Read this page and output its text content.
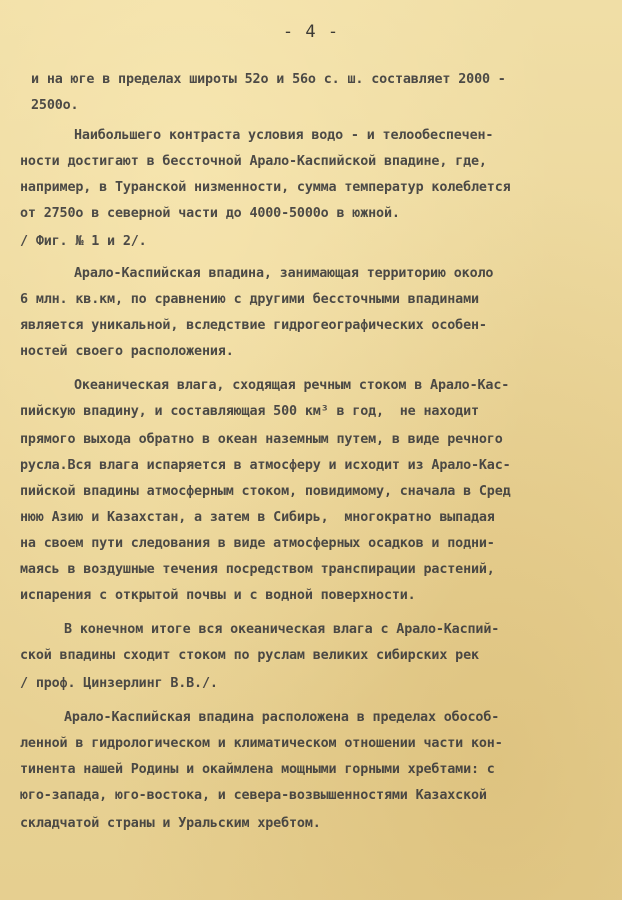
- 4 -
и на юге в пределах широты 52о и 56о с. ш. составляет 2000 -
2500о.
Наибольшего контраста условия водо - и телообеспечен-
ности достигают в бессточной Арало-Каспийской впадине, где,
например, в Туранской низменности, сумма температур колеблется
от 2750о в северной части до 4000-5000о в южной.
/ Фиг. № 1 и 2/.
Арало-Каспийская впадина, занимающая территорию около
6 млн. кв.км, по сравнению с другими бессточными впадинами
является уникальной, вследствие гидрогеографических особен-
ностей своего расположения.
Океаническая влага, сходящая речным стоком в Арало-Кас-
пийскую впадину, и составляющая 500 км³ в год,  не находит
прямого выхода обратно в океан наземным путем, в виде речного
русла.Вся влага испаряется в атмосферу и исходит из Арало-Кас-
пийской впадины атмосферным стоком, повидимому, сначала в Сред
нюю Азию и Казахстан, а затем в Сибирь,  многократно выпадая
на своем пути следования в виде атмосферных осадков и подни-
маясь в воздушные течения посредством транспирации растений,
испарения с открытой почвы и с водной поверхности.
В конечном итоге вся океаническая влага с Арало-Каспий-
ской впадины сходит стоком по руслам великих сибирских рек
/ проф. Цинзерлинг В.В./.
Арало-Каспийская впадина расположена в пределах обособ-
ленной в гидрологическом и климатическом отношении части кон-
тинента нашей Родины и окаймлена мощными горными хребтами: с
юго-запада, юго-востока, и севера-возвышенностями Казахской
складчатой страны и Уральским хребтом.
